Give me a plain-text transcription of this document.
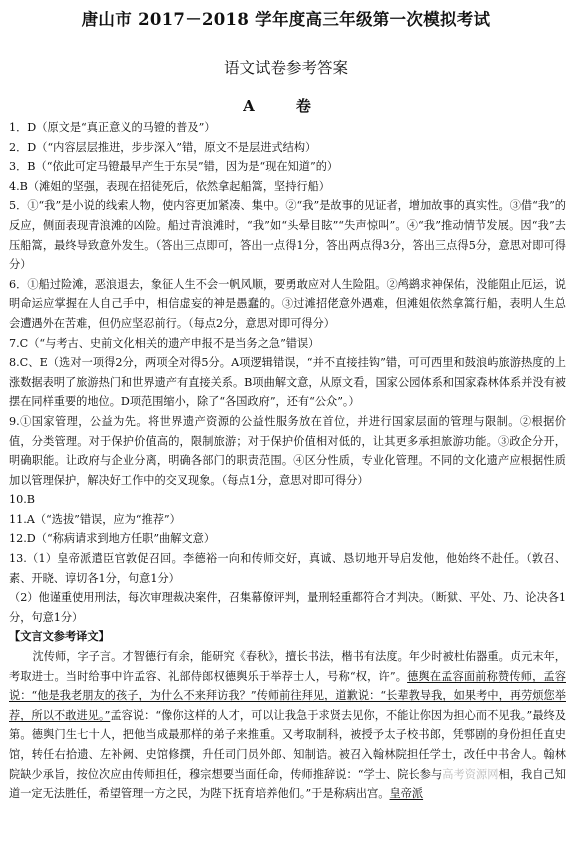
唐山市 2017－2018 学年度高三年级第一次模拟考试
语文试卷参考答案
A 卷

1．D（原文是“真正意义的马镫的普及”）

2．D（“内容层层推进，步步深入”错，原文不是层进式结构）

3．B（“依此可定马镫最早产生于东吴”错，因为是“现在知道”的）

4.B（滩姐的坚强，表现在招徒死后，依然拿起船篙，坚持行船）

5．①“我”是小说的线索人物，使内容更加紧凑、集中。②“我”是故事的见证者，增加故事的真实性。③借“我”的反应，侧面表现青浪滩的凶险。船过青浪滩时，“我”如“头晕目眩”“失声惊叫”。④“我”推动情节发展。因“我”去压船篙，最终导致意外发生。（答出三点即可，答出一点得1分，答出两点得3分，答出三点得5分，意思对即可得分）

6．①船过险滩，恶浪退去，象征人生不会一帆风顺，要勇敢应对人生险阻。②鸬鹚求神保佑，没能阻止厄运，说明命运应掌握在人自己手中，相信虚妄的神是愚蠢的。③过滩招佬意外遇难，但滩姐依然拿篙行船，表明人生总会遭遇外在苦难，但仍应坚忍前行。（每点2分，意思对即可得分）

7.C（“与考古、史前文化相关的遗产申报不是当务之急”错误）

8.C、E（选对一项得2分，两项全对得5分。A项逻辑错误，“并不直接挂钩”错，可可西里和鼓浪屿旅游热度的上涨数据表明了旅游热门和世界遗产有直接关系。B项曲解文意，从原文看，国家公园体系和国家森林体系并没有被摆在同样重要的地位。D项范围缩小，除了“各国政府”，还有“公众”。）

9.①国家管理，公益为先。将世界遗产资源的公益性服务放在首位，并进行国家层面的管理与限制。②根据价值，分类管理。对于保护价值高的，限制旅游；对于保护价值相对低的，让其更多承担旅游功能。③政企分开，明确职能。让政府与企业分离，明确各部门的职责范围。④区分性质，专业化管理。不同的文化遗产应根据性质加以管理保护，解决好工作中的交叉现象。（每点1分，意思对即可得分）

10.B

11.A（“选拔”错误，应为“推荐”）

12.D（“称病请求到地方任职”曲解文意）

13.（1）皇帝派遣臣官敦促召回。李德裕一向和传师交好，真诚、恳切地开导启发他，他始终不赴任。（敦召、素、开晓、谆切各1分，句意1分）

（2）他谨重使用刑法，每次审理裁决案件，召集幕僚评判，量刑轻重都符合才判决。（断狱、平处、乃、论决各1分，句意1分）

【文言文参考译文】

沈传师，字子言。才智德行有余，能研究《春秋》，擅长书法，楷书有法度。年少时被杜佑器重。贞元末年，考取进士。当时给事中许孟容、礼部侍郎权德舆乐于举荐士人，号称“权，许”。德舆在孟容面前称赞传师，孟容说：“他是我老朋友的孩子，为什么不来拜访我？”传师前往拜见，道歉说：“长辈教导我，如果考中，再劳烦您举荐，所以不敢进见。”孟容说：“像你这样的人才，可以让我急于求贤去见你，不能让你因为担心而不见我。”最终及第。德舆门生七十人，把他当成最那样的弟子来推重。又考取制科，被授予太子校书郎，凭鄠剧的身份担任直史馆，转任右拾遗、左补阙、史馆修撰，升任司门员外郎、知制诰。被召入翰林院担任学士，改任中书舍人。翰林院缺少承旨，按位次应由传师担任，穆宗想要当面任命，传师推辞说：“学士、院长参与高考资源网相，我自己知道一定无法胜任，希望管理一方之民，为陛下抚育培养他们。”于是称病出宫。皇帝派
